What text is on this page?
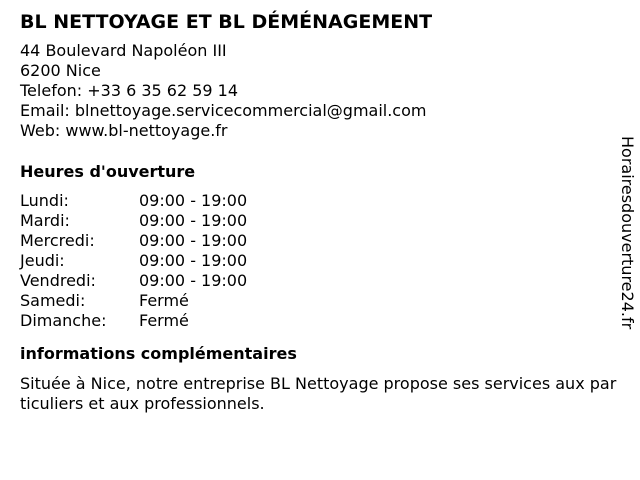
BL NETTOYAGE ET BL DÉMÉNAGEMENT
44 Boulevard Napoléon III
6200 Nice
Telefon: +33 6 35 62 59 14
Email: blnettoyage.servicecommercial@gmail.com
Web: www.bl-nettoyage.fr
Heures d'ouverture
Lundi:	09:00 - 19:00
Mardi:	09:00 - 19:00
Mercredi:	09:00 - 19:00
Jeudi:	09:00 - 19:00
Vendredi:	09:00 - 19:00
Samedi:	Fermé
Dimanche:	Fermé
informations complémentaires
Située à Nice, notre entreprise BL Nettoyage propose ses services aux particuliers et aux professionnels.
Horairesdouverture24.fr
